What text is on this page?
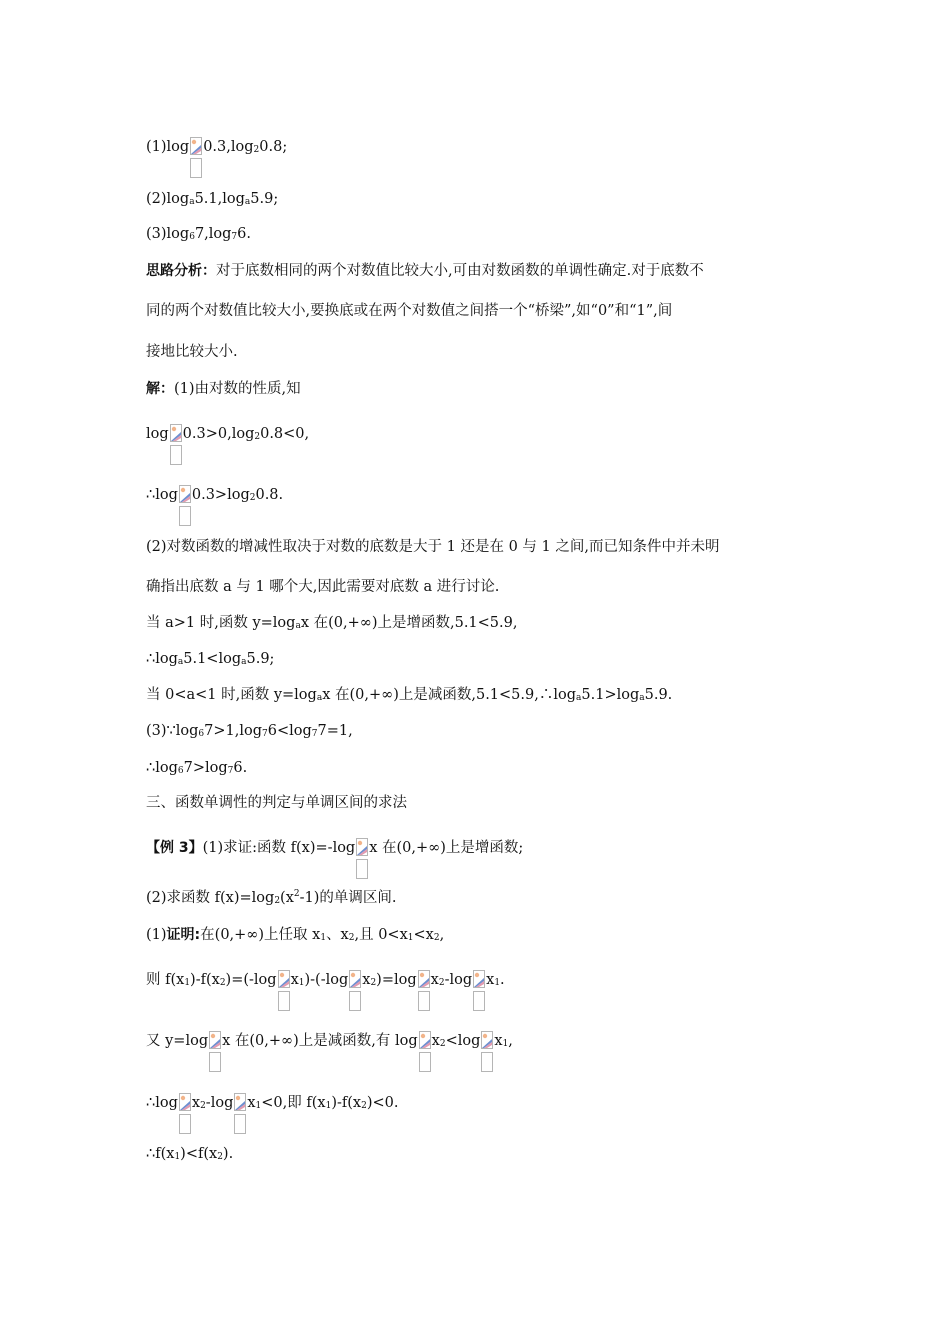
(1)log $0.3,\log_20.8$;
$(2)\log_a5.1,\log_a5.9$;
$(3)\log_67,\log_76$.
思路分析：对于底数相同的两个对数值比较大小,可由对数函数的单调性确定.对于底数不
同的两个对数值比较大小,要换底或在两个对数值之间搭一个“桥梁”,如“0”和“1”,间
接地比较大小.
解：(1)由对数的性质,知
$\log 0.3>0,\log_20.8<0$,
∴log $0.3>\log_20.8$.
(2)对数函数的增减性取决于对数的底数是大于 1 还是在 0 与 1 之间,而已知条件中并未明
确指出底数 a 与 1 哪个大,因此需要对底数 a 进行讨论.
当 a>1 时,函数 $y=\log_ax$ 在(0,+∞)上是增函数,5.1<5.9,
$\therefore\log_a5.1<\log_a5.9$;
当 0<a<1 时,函数 $y=\log_ax$ 在(0,+∞)上是减函数$,5.1<5.9,\therefore\log_a5.1>\log_a5.9$.
$(3)\because\log_67>1,\log_76<\log_77=1$,
$\therefore\log_67>\log_76$.
三、函数单调性的判定与单调区间的求法
【例 3】(1)求证:函数 f(x)=-log x 在(0,+∞)上是增函数;
(2)求函数 $f(x)=\log_2(x^2-1)$的单调区间.
(1)证明:在(0,+∞)上任取 $x_1$、$x_2$,且 $0<x_1<x_2$,
则 $f(x_1)-f(x_2)=(-\log$ $x_1)-(-\log$ $x_2)=\log$ $x_2-\log$ $x_1$.
又 y=log x 在(0,+∞)上是减函数,有 $\log x_2<\log$ $x_1$,
∴log $x_2-\log$ $x_1<0$,即 $f(x_1)-f(x_2)<0$.
$\therefore f(x_1)<f(x_2)$.
